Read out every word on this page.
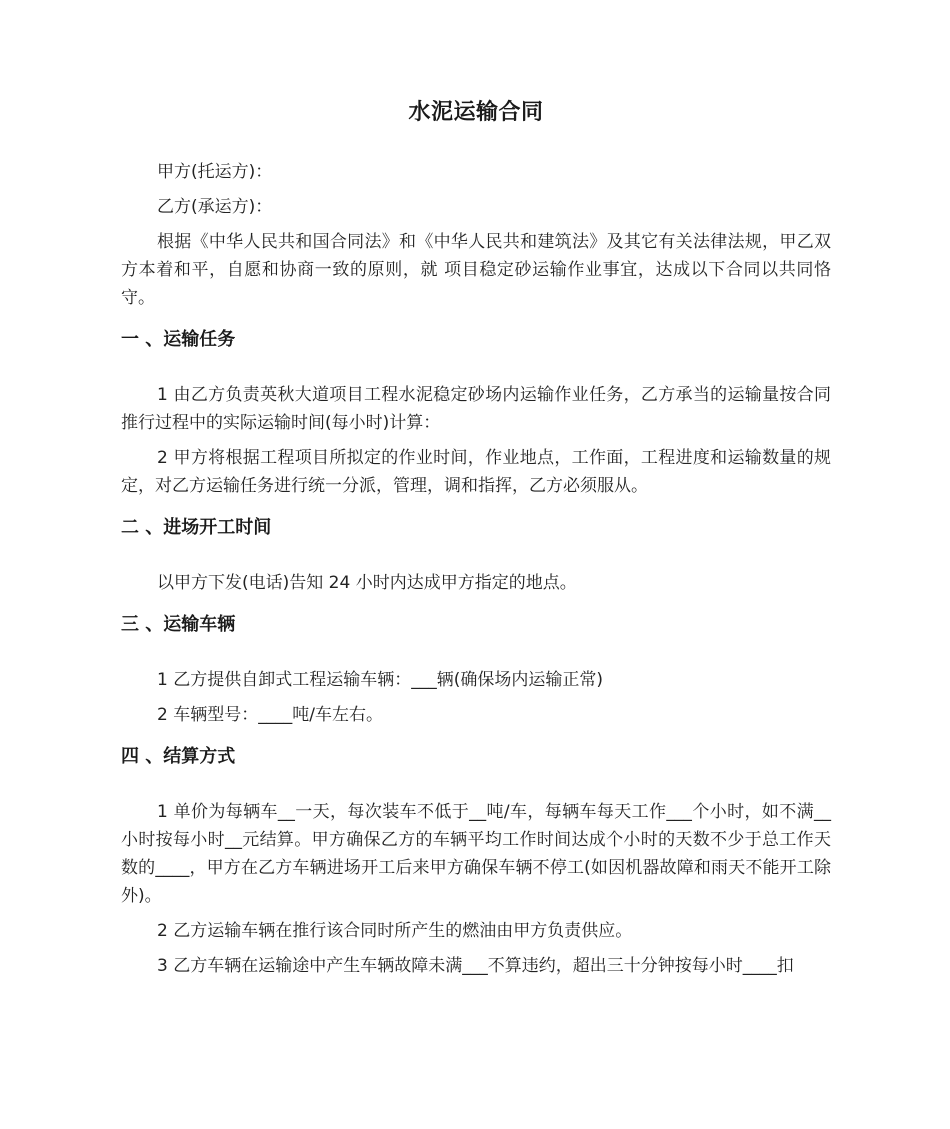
水泥运输合同

甲方(托运方)：

乙方(承运方)：

根据《中华人民共和国合同法》和《中华人民共和建筑法》及其它有关法律法规，甲乙双方本着和平，自愿和协商一致的原则，就 项目稳定砂运输作业事宜，达成以下合同以共同恪守。

一 、运输任务

1 由乙方负责英秋大道项目工程水泥稳定砂场内运输作业任务，乙方承当的运输量按合同推行过程中的实际运输时间(每小时)计算：

2 甲方将根据工程项目所拟定的作业时间，作业地点，工作面，工程进度和运输数量的规定，对乙方运输任务进行统一分派，管理，调和指挥，乙方必须服从。

二 、进场开工时间

以甲方下发(电话)告知 24 小时内达成甲方指定的地点。

三 、运输车辆

1 乙方提供自卸式工程运输车辆：___辆(确保场内运输正常)

2 车辆型号：____吨/车左右。

四 、结算方式

1 单价为每辆车__一天，每次装车不低于__吨/车，每辆车每天工作___个小时，如不满__小时按每小时__元结算。甲方确保乙方的车辆平均工作时间达成个小时的天数不少于总工作天数的____，甲方在乙方车辆进场开工后来甲方确保车辆不停工(如因机器故障和雨天不能开工除外)。

2 乙方运输车辆在推行该合同时所产生的燃油由甲方负责供应。

3 乙方车辆在运输途中产生车辆故障未满___不算违约，超出三十分钟按每小时____扣
